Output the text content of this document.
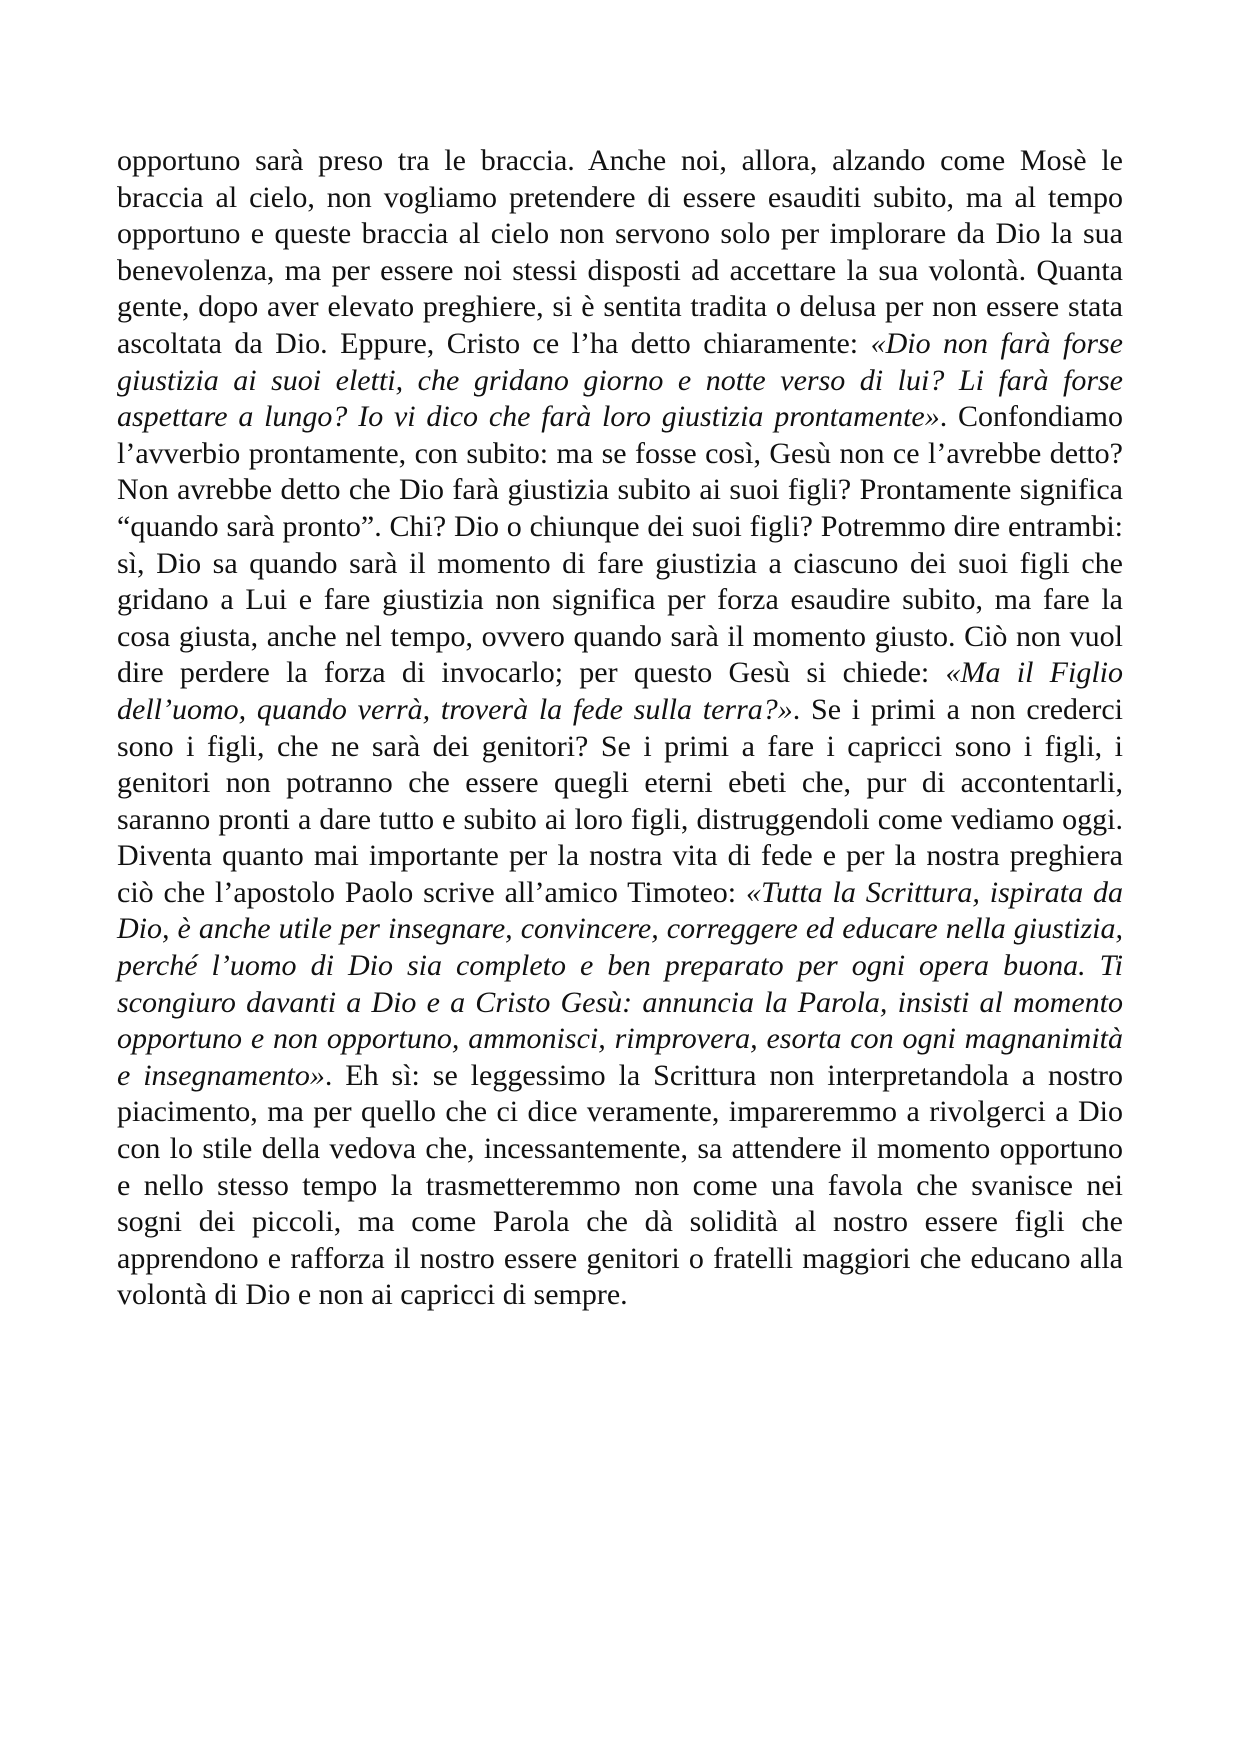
opportuno sarà preso tra le braccia. Anche noi, allora, alzando come Mosè le braccia al cielo, non vogliamo pretendere di essere esauditi subito, ma al tempo opportuno e queste braccia al cielo non servono solo per implorare da Dio la sua benevolenza, ma per essere noi stessi disposti ad accettare la sua volontà. Quanta gente, dopo aver elevato preghiere, si è sentita tradita o delusa per non essere stata ascoltata da Dio. Eppure, Cristo ce l’ha detto chiaramente: «Dio non farà forse giustizia ai suoi eletti, che gridano giorno e notte verso di lui? Li farà forse aspettare a lungo? Io vi dico che farà loro giustizia prontamente». Confondiamo l’avverbio prontamente, con subito: ma se fosse così, Gesù non ce l’avrebbe detto? Non avrebbe detto che Dio farà giustizia subito ai suoi figli? Prontamente significa “quando sarà pronto”. Chi? Dio o chiunque dei suoi figli? Potremmo dire entrambi: sì, Dio sa quando sarà il momento di fare giustizia a ciascuno dei suoi figli che gridano a Lui e fare giustizia non significa per forza esaudire subito, ma fare la cosa giusta, anche nel tempo, ovvero quando sarà il momento giusto. Ciò non vuol dire perdere la forza di invocarlo; per questo Gesù si chiede: «Ma il Figlio dell’uomo, quando verrà, troverà la fede sulla terra?». Se i primi a non crederci sono i figli, che ne sarà dei genitori? Se i primi a fare i capricci sono i figli, i genitori non potranno che essere quegli eterni ebeti che, pur di accontentarli, saranno pronti a dare tutto e subito ai loro figli, distruggendoli come vediamo oggi. Diventa quanto mai importante per la nostra vita di fede e per la nostra preghiera ciò che l’apostolo Paolo scrive all’amico Timoteo: «Tutta la Scrittura, ispirata da Dio, è anche utile per insegnare, convincere, correggere ed educare nella giustizia, perché l’uomo di Dio sia completo e ben preparato per ogni opera buona. Ti scongiuro davanti a Dio e a Cristo Gesù: annuncia la Parola, insisti al momento opportuno e non opportuno, ammonisci, rimprovera, esorta con ogni magnanimità e insegnamento». Eh sì: se leggessimo la Scrittura non interpretandola a nostro piacimento, ma per quello che ci dice veramente, impareremmo a rivolgerci a Dio con lo stile della vedova che, incessantemente, sa attendere il momento opportuno e nello stesso tempo la trasmetteremmo non come una favola che svanisce nei sogni dei piccoli, ma come Parola che dà solidità al nostro essere figli che apprendono e rafforza il nostro essere genitori o fratelli maggiori che educano alla volontà di Dio e non ai capricci di sempre.
